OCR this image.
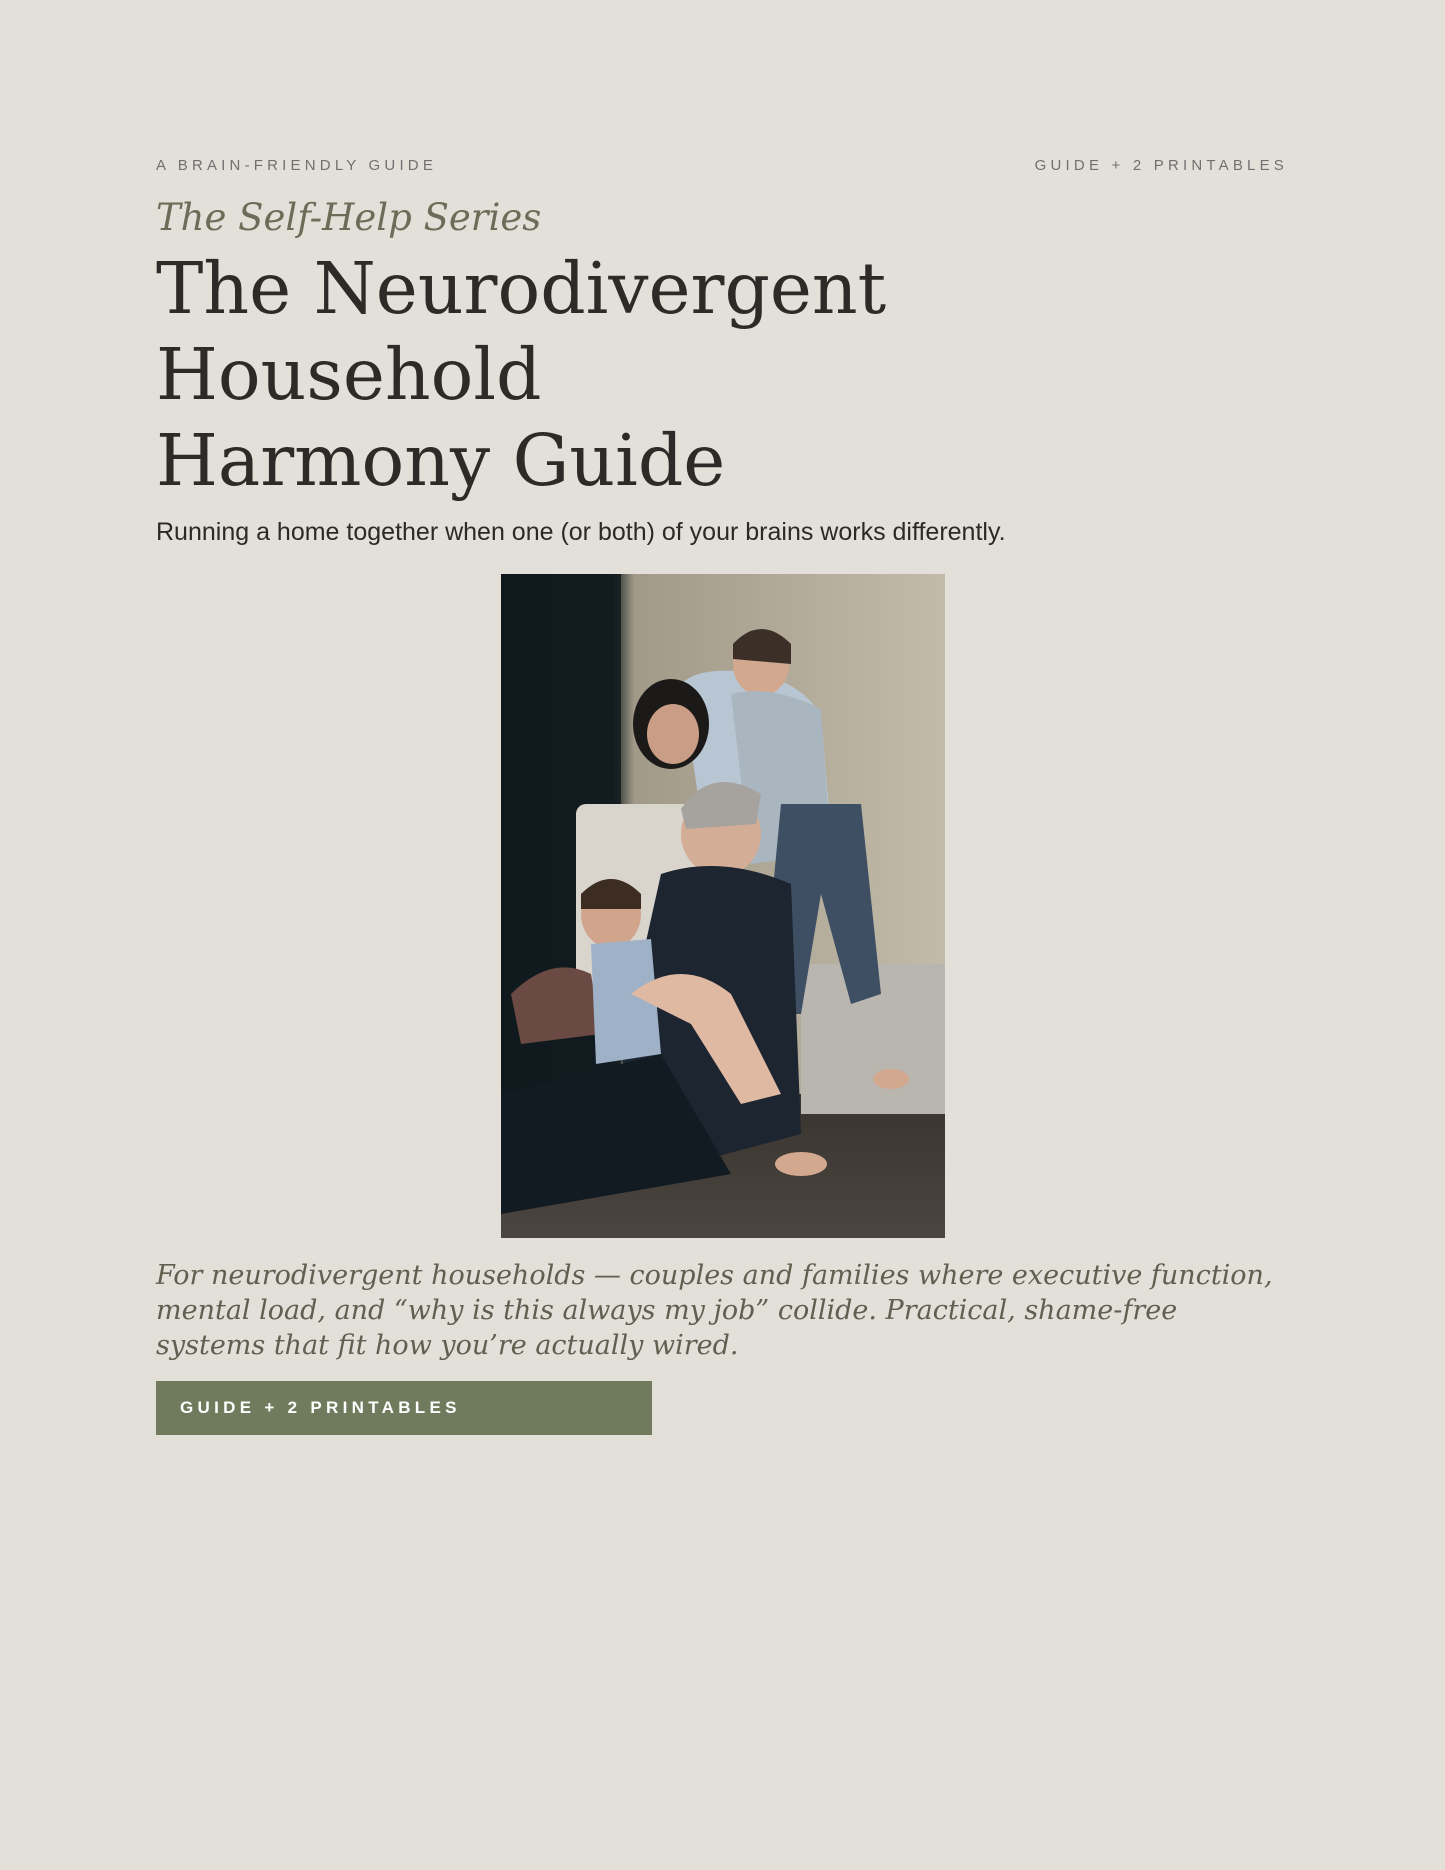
A BRAIN-FRIENDLY GUIDE	GUIDE + 2 PRINTABLES
The Self-Help Series
The Neurodivergent
Household
Harmony Guide
Running a home together when one (or both) of your brains works differently.

For neurodivergent households — couples and families where executive function, mental load, and “why is this always my job” collide. Practical, shame-free systems that fit how you’re actually wired.

GUIDE + 2 PRINTABLES
